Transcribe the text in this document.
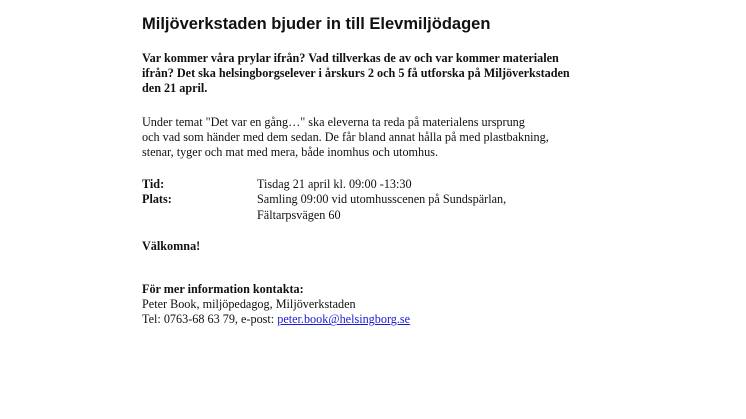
Miljöverkstaden bjuder in till Elevmiljödagen
Var kommer våra prylar ifrån? Vad tillverkas de av och var kommer materialen
ifrån? Det ska helsingborgselever i årskurs 2 och 5 få utforska på Miljöverkstaden
den 21 april.
Under temat "Det var en gång…" ska eleverna ta reda på materialens ursprung
och vad som händer med dem sedan. De får bland annat hålla på med plastbakning,
stenar, tyger och mat med mera, både inomhus och utomhus.
Tid:	Tisdag 21 april kl. 09:00 -13:30
Plats:	Samling 09:00 vid utomhusscenen på Sundspärlan,
Fältarpsvägen 60
Välkomna!
För mer information kontakta:
Peter Book, miljöpedagog, Miljöverkstaden
Tel: 0763-68 63 79, e-post: peter.book@helsingborg.se
